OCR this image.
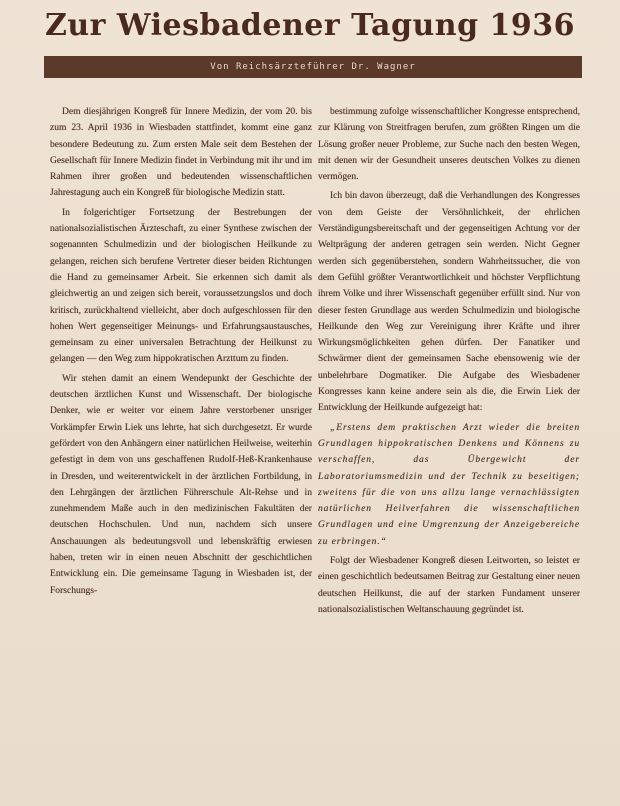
Zur Wiesbadener Tagung 1936
Von Reichsärzteführer Dr. Wagner

Dem diesjährigen Kongreß für Innere Medizin, der vom 20. bis zum 23. April 1936 in Wiesbaden stattfindet, kommt eine ganz besondere Bedeutung zu. Zum ersten Male seit dem Bestehen der Gesellschaft für Innere Medizin findet in Verbindung mit ihr und im Rahmen ihrer großen und bedeutenden wissenschaftlichen Jahrestagung auch ein Kongreß für biologische Medizin statt.

In folgerichtiger Fortsetzung der Bestrebungen der nationalsozialistischen Ärzteschaft, zu einer Synthese zwischen der sogenannten Schulmedizin und der biologischen Heilkunde zu gelangen, reichen sich berufene Vertreter dieser beiden Richtungen die Hand zu gemeinsamer Arbeit. Sie erkennen sich damit als gleichwertig an und zeigen sich bereit, voraussetzungslos und doch kritisch, zurückhaltend vielleicht, aber doch aufgeschlossen für den hohen Wert gegenseitiger Meinungs- und Erfahrungsaustausches, gemeinsam zu einer universalen Betrachtung der Heilkunst zu gelangen — den Weg zum hippokratischen Arzttum zu finden.

Wir stehen damit an einem Wendepunkt der Geschichte der deutschen ärztlichen Kunst und Wissenschaft. Der biologische Denker, wie er weiter vor einem Jahre verstorbener unsriger Vorkämpfer Erwin Liek uns lehrte, hat sich durchgesetzt. Er wurde gefördert von den Anhängern einer natürlichen Heilweise, weiterhin gefestigt in dem von uns geschaffenen Rudolf-Heß-Krankenhause in Dresden, und weiterentwickelt in der ärztlichen Fortbildung, in den Lehrgängen der ärztlichen Führerschule Alt-Rehse und in zunehmendem Maße auch in den medizinischen Fakultäten der deutschen Hochschulen. Und nun, nachdem sich unsere Anschauungen als bedeutungsvoll und lebenskräftig erwiesen haben, treten wir in einen neuen Abschnitt der geschichtlichen Entwicklung ein. Die gemeinsame Tagung in Wiesbaden ist, der Forschungs-

bestimmung zufolge wissenschaftlicher Kongresse entsprechend, zur Klärung von Streitfragen berufen, zum größten Ringen um die Lösung großer neuer Probleme, zur Suche nach den besten Wegen, mit denen wir der Gesundheit unseres deutschen Volkes zu dienen vermögen.

Ich bin davon überzeugt, daß die Verhandlungen des Kongresses von dem Geiste der Versöhnlichkeit, der ehrlichen Verständigungsbereitschaft und der gegenseitigen Achtung vor der Weltprägung der anderen getragen sein werden. Nicht Gegner werden sich gegenüberstehen, sondern Wahrheitssucher, die von dem Gefühl größter Verantwortlichkeit und höchster Verpflichtung ihrem Volke und ihrer Wissenschaft gegenüber erfüllt sind. Nur von dieser festen Grundlage aus werden Schulmedizin und biologische Heilkunde den Weg zur Vereinigung ihrer Kräfte und ihrer Wirkungsmöglichkeiten gehen dürfen. Der Fanatiker und Schwärmer dient der gemeinsamen Sache ebensowenig wie der unbelehrbare Dogmatiker. Die Aufgabe des Wiesbadener Kongresses kann keine andere sein als die, die Erwin Liek der Entwicklung der Heilkunde aufgezeigt hat:

„Erstens dem praktischen Arzt wieder die breiten Grundlagen hippokratischen Denkens und Könnens zu verschaffen, das Übergewicht der Laboratoriumsmedizin und der Technik zu beseitigen; zweitens für die von uns allzu lange vernachlässigten natürlichen Heilverfahren die wissenschaftlichen Grundlagen und eine Umgrenzung der Anzeigebereiche zu erbringen.“

Folgt der Wiesbadener Kongreß diesen Leitworten, so leistet er einen geschichtlich bedeutsamen Beitrag zur Gestaltung einer neuen deutschen Heilkunst, die auf der starken Fundament unserer nationalsozialistischen Weltanschauung gegründet ist.
